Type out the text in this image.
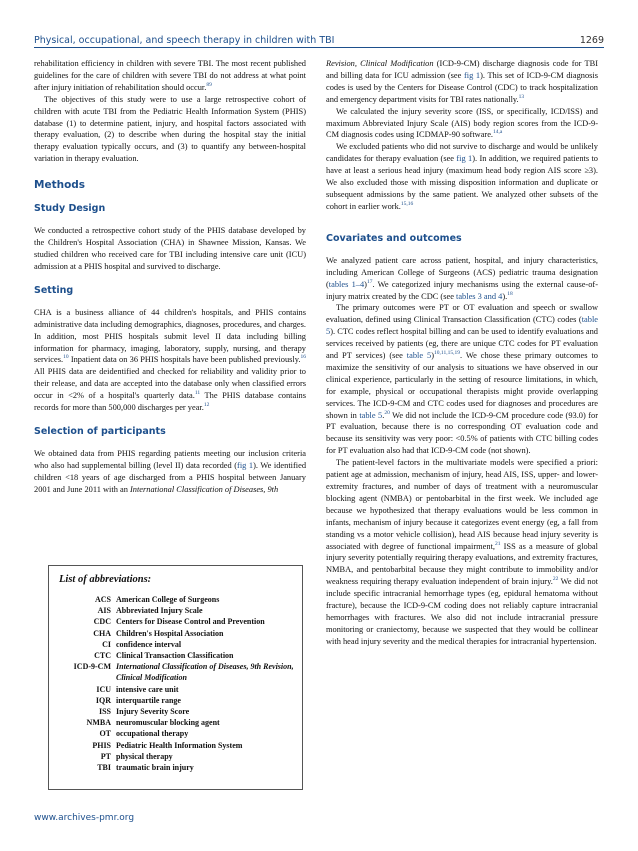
Physical, occupational, and speech therapy in children with TBI	1269

rehabilitation efficiency in children with severe TBI. The most recent published guidelines for the care of children with severe TBI do not address at what point after injury initiation of rehabilitation should occur.$^{89}$

The objectives of this study were to use a large retrospective cohort of children with acute TBI from the Pediatric Health Information System (PHIS) database (1) to determine patient, injury, and hospital factors associated with therapy evaluation, (2) to describe when during the hospital stay the initial therapy evaluation typically occurs, and (3) to quantify any between-hospital variation in therapy evaluation.

Methods
Study Design

We conducted a retrospective cohort study of the PHIS database developed by the Children's Hospital Association (CHA) in Shawnee Mission, Kansas. We studied children who received care for TBI including intensive care unit (ICU) admission at a PHIS hospital and survived to discharge.

Setting

CHA is a business alliance of 44 children's hospitals, and PHIS contains administrative data including demographics, diagnoses, procedures, and charges. In addition, most PHIS hospitals submit level II data including billing information for pharmacy, imaging, laboratory, supply, nursing, and therapy services.$^{10}$ Inpatient data on 36 PHIS hospitals have been published previously.$^{16}$ All PHIS data are deidentified and checked for reliability and validity prior to their release, and data are accepted into the database only when classified errors occur in <2% of a hospital's quarterly data.$^{11}$ The PHIS database contains records for more than 500,000 discharges per year.$^{12}$

Selection of participants

We obtained data from PHIS regarding patients meeting our inclusion criteria who also had supplemental billing (level II) data recorded (fig 1). We identified children <18 years of age discharged from a PHIS hospital between January 2001 and June 2011 with an International Classification of Diseases, 9th

List of abbreviations:
ACS American College of Surgeons
AIS Abbreviated Injury Scale
CDC Centers for Disease Control and Prevention
CHA Children's Hospital Association
CI confidence interval
CTC Clinical Transaction Classification
ICD-9-CM International Classification of Diseases, 9th Revision, Clinical Modification
ICU intensive care unit
IQR interquartile range
ISS Injury Severity Score
NMBA neuromuscular blocking agent
OT occupational therapy
PHIS Pediatric Health Information System
PT physical therapy
TBI traumatic brain injury

Revision, Clinical Modification (ICD-9-CM) discharge diagnosis code for TBI and billing data for ICU admission (see fig 1). This set of ICD-9-CM diagnosis codes is used by the Centers for Disease Control (CDC) to track hospitalization and emergency department visits for TBI rates nationally.$^{13}$

We calculated the injury severity score (ISS, or specifically, ICD/ISS) and maximum Abbreviated Injury Scale (AIS) body region scores from the ICD-9-CM diagnosis codes using ICDMAP-90 software.$^{14,a}$

We excluded patients who did not survive to discharge and would be unlikely candidates for therapy evaluation (see fig 1). In addition, we required patients to have at least a serious head injury (maximum head body region AIS score ≥3). We also excluded those with missing disposition information and duplicate or subsequent admissions by the same patient. We analyzed other subsets of the cohort in earlier work.$^{15,16}$

Covariates and outcomes

We analyzed patient care across patient, hospital, and injury characteristics, including American College of Surgeons (ACS) pediatric trauma designation (tables 1–4)$^{17}$. We categorized injury mechanisms using the external cause-of-injury matrix created by the CDC (see tables 3 and 4).$^{18}$

The primary outcomes were PT or OT evaluation and speech or swallow evaluation, defined using Clinical Transaction Classification (CTC) codes (table 5). CTC codes reflect hospital billing and can be used to identify evaluations and services received by patients (eg, there are unique CTC codes for PT evaluation and PT services) (see table 5)$^{10,11,15,19}$. We chose these primary outcomes to maximize the sensitivity of our analysis to situations we have observed in our clinical experience, particularly in the setting of resource limitations, in which, for example, physical or occupational therapists might provide overlapping services. The ICD-9-CM and CTC codes used for diagnoses and procedures are shown in table 5.20 We did not include the ICD-9-CM procedure code (93.0) for PT evaluation, because there is no corresponding OT evaluation code and because its sensitivity was very poor: <0.5% of patients with CTC billing codes for PT evaluation also had that ICD-9-CM code (not shown).

The patient-level factors in the multivariate models were specified a priori: patient age at admission, mechanism of injury, head AIS, ISS, upper- and lower-extremity fractures, and number of days of treatment with a neuromuscular blocking agent (NMBA) or pentobarbital in the first week. We included age because we hypothesized that therapy evaluations would be less common in infants, mechanism of injury because it categorizes event energy (eg, a fall from standing vs a motor vehicle collision), head AIS because head injury severity is associated with degree of functional impairment,$^{21}$ ISS as a measure of global injury severity potentially requiring therapy evaluations, and extremity fractures, NMBA, and pentobarbital because they might contribute to immobility and/or weakness requiring therapy evaluation independent of brain injury.$^{22}$ We did not include specific intracranial hemorrhage types (eg, epidural hematoma without fracture), because the ICD-9-CM coding does not reliably capture intracranial hemorrhages with fractures. We also did not include intracranial pressure monitoring or craniectomy, because we suspected that they would be collinear with head injury severity and the medical therapies for intracranial hypertension.

www.archives-pmr.org
